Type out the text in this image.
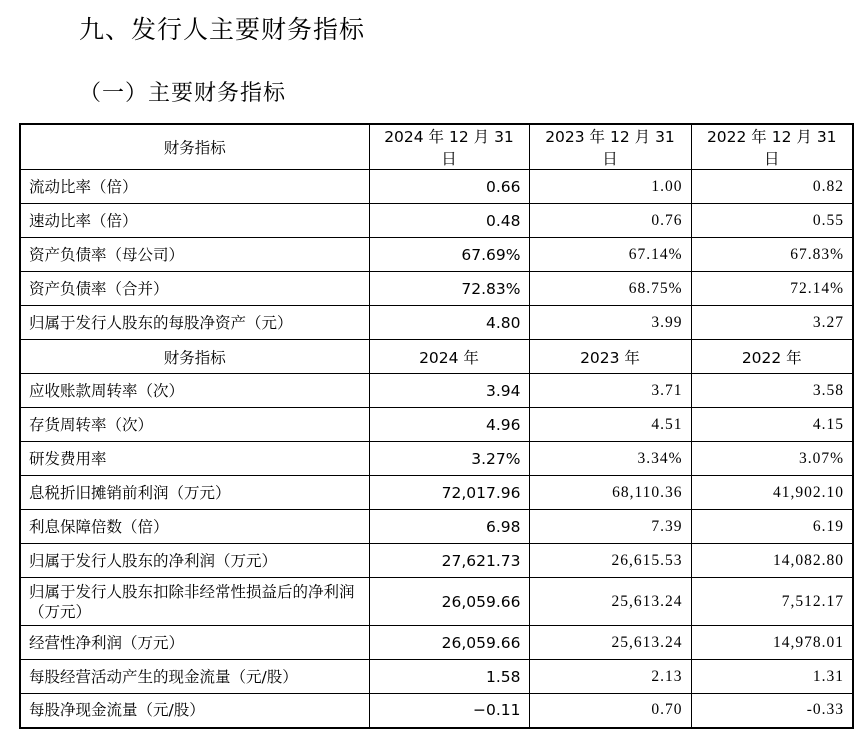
九、发行人主要财务指标
（一）主要财务指标
财务指标	2024 年 12 月 31 日	2023 年 12 月 31 日	2022 年 12 月 31 日
流动比率（倍）	0.66	1.00	0.82
速动比率（倍）	0.48	0.76	0.55
资产负债率（母公司）	67.69%	67.14%	67.83%
资产负债率（合并）	72.83%	68.75%	72.14%
归属于发行人股东的每股净资产（元）	4.80	3.99	3.27
财务指标	2024 年	2023 年	2022 年
应收账款周转率（次）	3.94	3.71	3.58
存货周转率（次）	4.96	4.51	4.15
研发费用率	3.27%	3.34%	3.07%
息税折旧摊销前利润（万元）	72,017.96	68,110.36	41,902.10
利息保障倍数（倍）	6.98	7.39	6.19
归属于发行人股东的净利润（万元）	27,621.73	26,615.53	14,082.80
归属于发行人股东扣除非经常性损益后的净利润（万元）	26,059.66	25,613.24	7,512.17
经营性净利润（万元）	26,059.66	25,613.24	14,978.01
每股经营活动产生的现金流量（元/股）	1.58	2.13	1.31
每股净现金流量（元/股）	−0.11	0.70	-0.33
